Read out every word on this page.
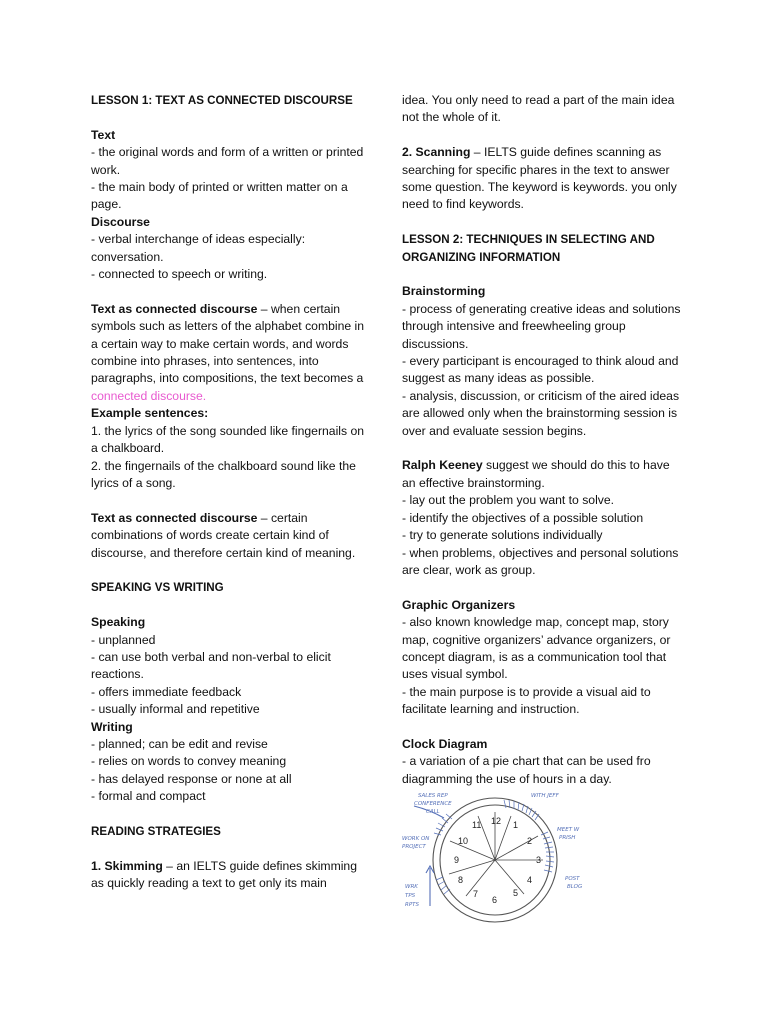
LESSON 1: TEXT AS CONNECTED DISCOURSE

Text

- the original words and form of a written or printed work.

- the main body of printed or written matter on a page.

Discourse

- verbal interchange of ideas especially: conversation.

- connected to speech or writing.

Text as connected discourse – when certain symbols such as letters of the alphabet combine in a certain way to make certain words, and words combine into phrases, into sentences, into paragraphs, into compositions, the text becomes a connected discourse.

Example sentences:

1. the lyrics of the song sounded like fingernails on a chalkboard.

2. the fingernails of the chalkboard sound like the lyrics of a song.

Text as connected discourse – certain combinations of words create certain kind of discourse, and therefore certain kind of meaning.

SPEAKING VS WRITING

Speaking

- unplanned

- can use both verbal and non-verbal to elicit reactions.

- offers immediate feedback

- usually informal and repetitive

Writing

- planned; can be edit and revise

- relies on words to convey meaning

- has delayed response or none at all

- formal and compact

READING STRATEGIES

1. Skimming – an IELTS guide defines skimming as quickly reading a text to get only its main

idea. You only need to read a part of the main idea not the whole of it.

2. Scanning – IELTS guide defines scanning as searching for specific phares in the text to answer some question. The keyword is keywords. you only need to find keywords.

LESSON 2: TECHNIQUES IN SELECTING AND ORGANIZING INFORMATION

Brainstorming

- process of generating creative ideas and solutions through intensive and freewheeling group discussions.

- every participant is encouraged to think aloud and suggest as many ideas as possible.

- analysis, discussion, or criticism of the aired ideas are allowed only when the brainstorming session is over and evaluate session begins.

Ralph Keeney suggest we should do this to have an effective brainstorming.

- lay out the problem you want to solve.

- identify the objectives of a possible solution

- try to generate solutions individually

- when problems, objectives and personal solutions are clear, work as group.

Graphic Organizers

- also known knowledge map, concept map, story map, cognitive organizers’ advance organizers, or concept diagram, is as a communication tool that uses visual symbol.

- the main purpose is to provide a visual aid to facilitate learning and instruction.

Clock Diagram

- a variation of a pie chart that can be used fro diagramming the use of hours in a day.

12 1
2
3
4
5
6
7
8
9
10
11
SALES REP
CONFERENCE
CALL
WITH JEFF
MEET W
PRISH
WORK ON
PROJECT
POST
BLOG
WRK
TPS
RPTS
